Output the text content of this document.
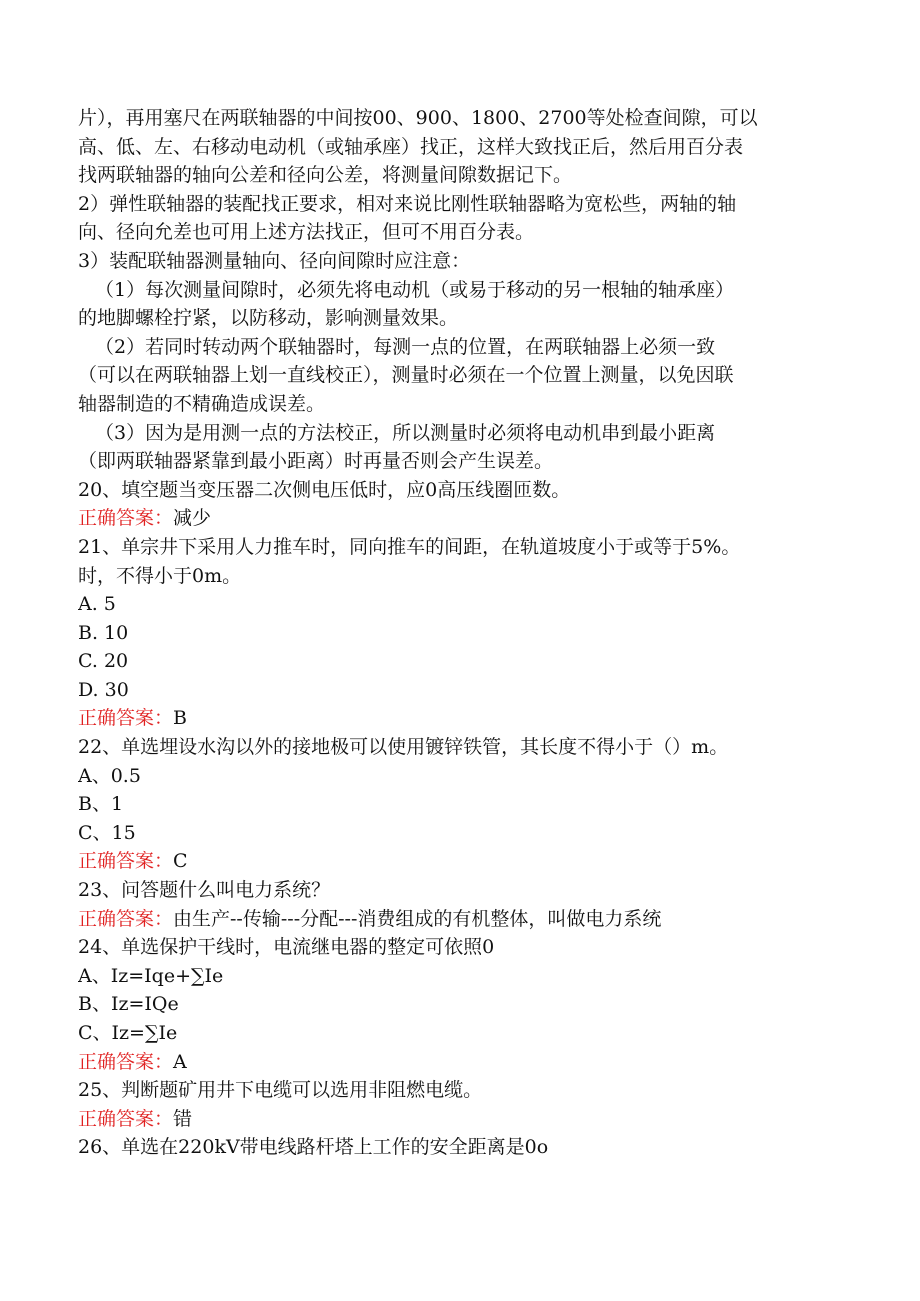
片），再用塞尺在两联轴器的中间按00、900、1800、2700等处检查间隙，可以
高、低、左、右移动电动机（或轴承座）找正，这样大致找正后，然后用百分表
找两联轴器的轴向公差和径向公差，将测量间隙数据记下。
2）弹性联轴器的装配找正要求，相对来说比刚性联轴器略为宽松些，两轴的轴
向、径向允差也可用上述方法找正，但可不用百分表。
3）装配联轴器测量轴向、径向间隙时应注意：
（1）每次测量间隙时，必须先将电动机（或易于移动的另一根轴的轴承座）
的地脚螺栓拧紧，以防移动，影响测量效果。
（2）若同时转动两个联轴器时，每测一点的位置，在两联轴器上必须一致
（可以在两联轴器上划一直线校正），测量时必须在一个位置上测量，以免因联
轴器制造的不精确造成误差。
（3）因为是用测一点的方法校正，所以测量时必须将电动机串到最小距离
（即两联轴器紧靠到最小距离）时再量否则会产生误差。
20、填空题当变压器二次侧电压低时，应0高压线圈匝数。
正确答案：减少
21、单宗井下采用人力推车时，同向推车的间距，在轨道坡度小于或等于5%。
时，不得小于0m。
A. 5
B. 10
C. 20
D. 30
正确答案：B
22、单选埋设水沟以外的接地极可以使用镀锌铁管，其长度不得小于（）m。
A、0.5
B、1
C、15
正确答案：C
23、问答题什么叫电力系统？
正确答案：由生产--传输---分配---消费组成的有机整体，叫做电力系统
24、单选保护干线时，电流继电器的整定可依照0
A、Iz=Iqe+∑Ie
B、Iz=IQe
C、Iz=∑Ie
正确答案：A
25、判断题矿用井下电缆可以选用非阻燃电缆。
正确答案：错
26、单选在220kV带电线路杆塔上工作的安全距离是0o
